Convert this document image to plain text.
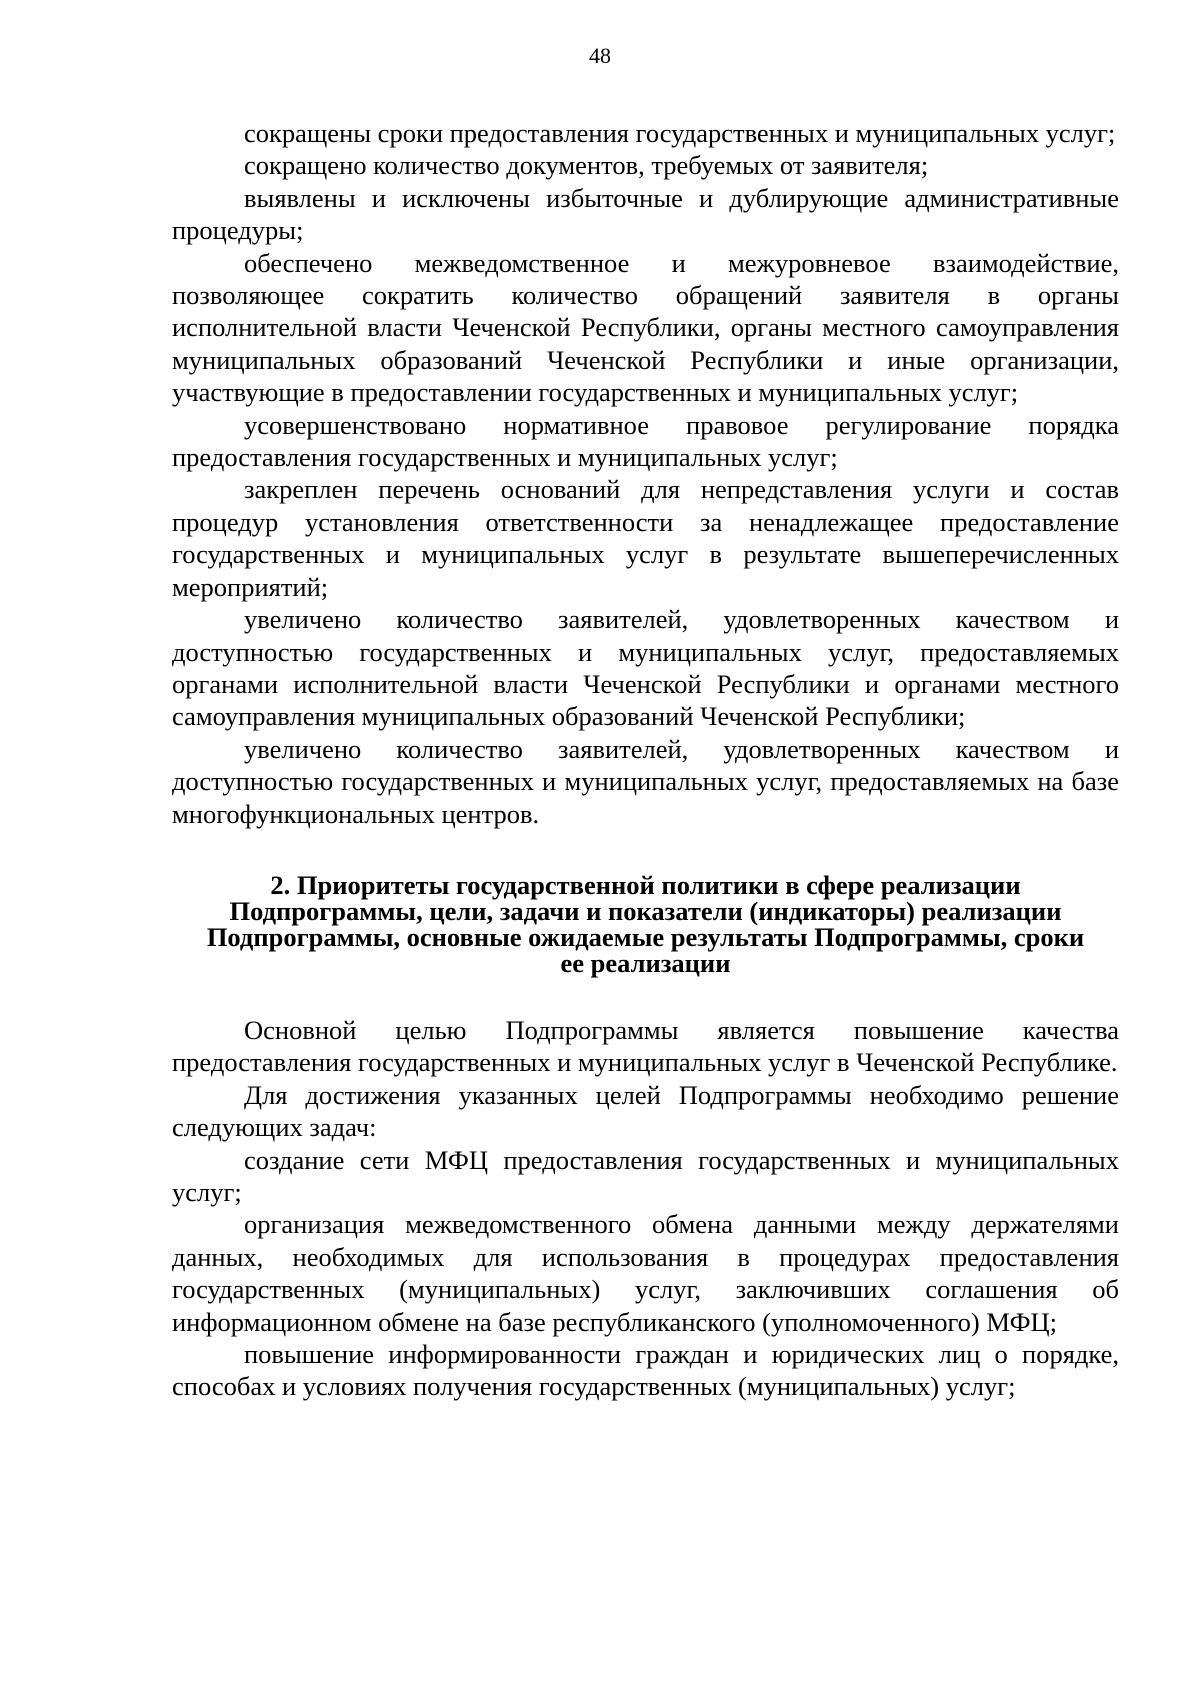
48

сокращены сроки предоставления государственных и муниципальных услуг;

сокращено количество документов, требуемых от заявителя;

выявлены и исключены избыточные и дублирующие административные процедуры;

обеспечено межведомственное и межуровневое взаимодействие, позволяющее сократить количество обращений заявителя в органы исполнительной власти Чеченской Республики, органы местного самоуправления муниципальных образований Чеченской Республики и иные организации, участвующие в предоставлении государственных и муниципальных услуг;

усовершенствовано нормативное правовое регулирование порядка предоставления государственных и муниципальных услуг;

закреплен перечень оснований для непредставления услуги и состав процедур установления ответственности за ненадлежащее предоставление государственных и муниципальных услуг в результате вышеперечисленных мероприятий;

увеличено количество заявителей, удовлетворенных качеством и доступностью государственных и муниципальных услуг, предоставляемых органами исполнительной власти Чеченской Республики и органами местного самоуправления муниципальных образований Чеченской Республики;

увеличено количество заявителей, удовлетворенных качеством и доступностью государственных и муниципальных услуг, предоставляемых на базе многофункциональных центров.

2. Приоритеты государственной политики в сфере реализации
Подпрограммы, цели, задачи и показатели (индикаторы) реализации
Подпрограммы, основные ожидаемые результаты Подпрограммы, сроки
ее реализации

Основной целью Подпрограммы является повышение качества предоставления государственных и муниципальных услуг в Чеченской Республике.

Для достижения указанных целей Подпрограммы необходимо решение следующих задач:

создание сети МФЦ предоставления государственных и муниципальных услуг;

организация межведомственного обмена данными между держателями данных, необходимых для использования в процедурах предоставления государственных (муниципальных) услуг, заключивших соглашения об информационном обмене на базе республиканского (уполномоченного) МФЦ;

повышение информированности граждан и юридических лиц о порядке, способах и условиях получения государственных (муниципальных) услуг;
